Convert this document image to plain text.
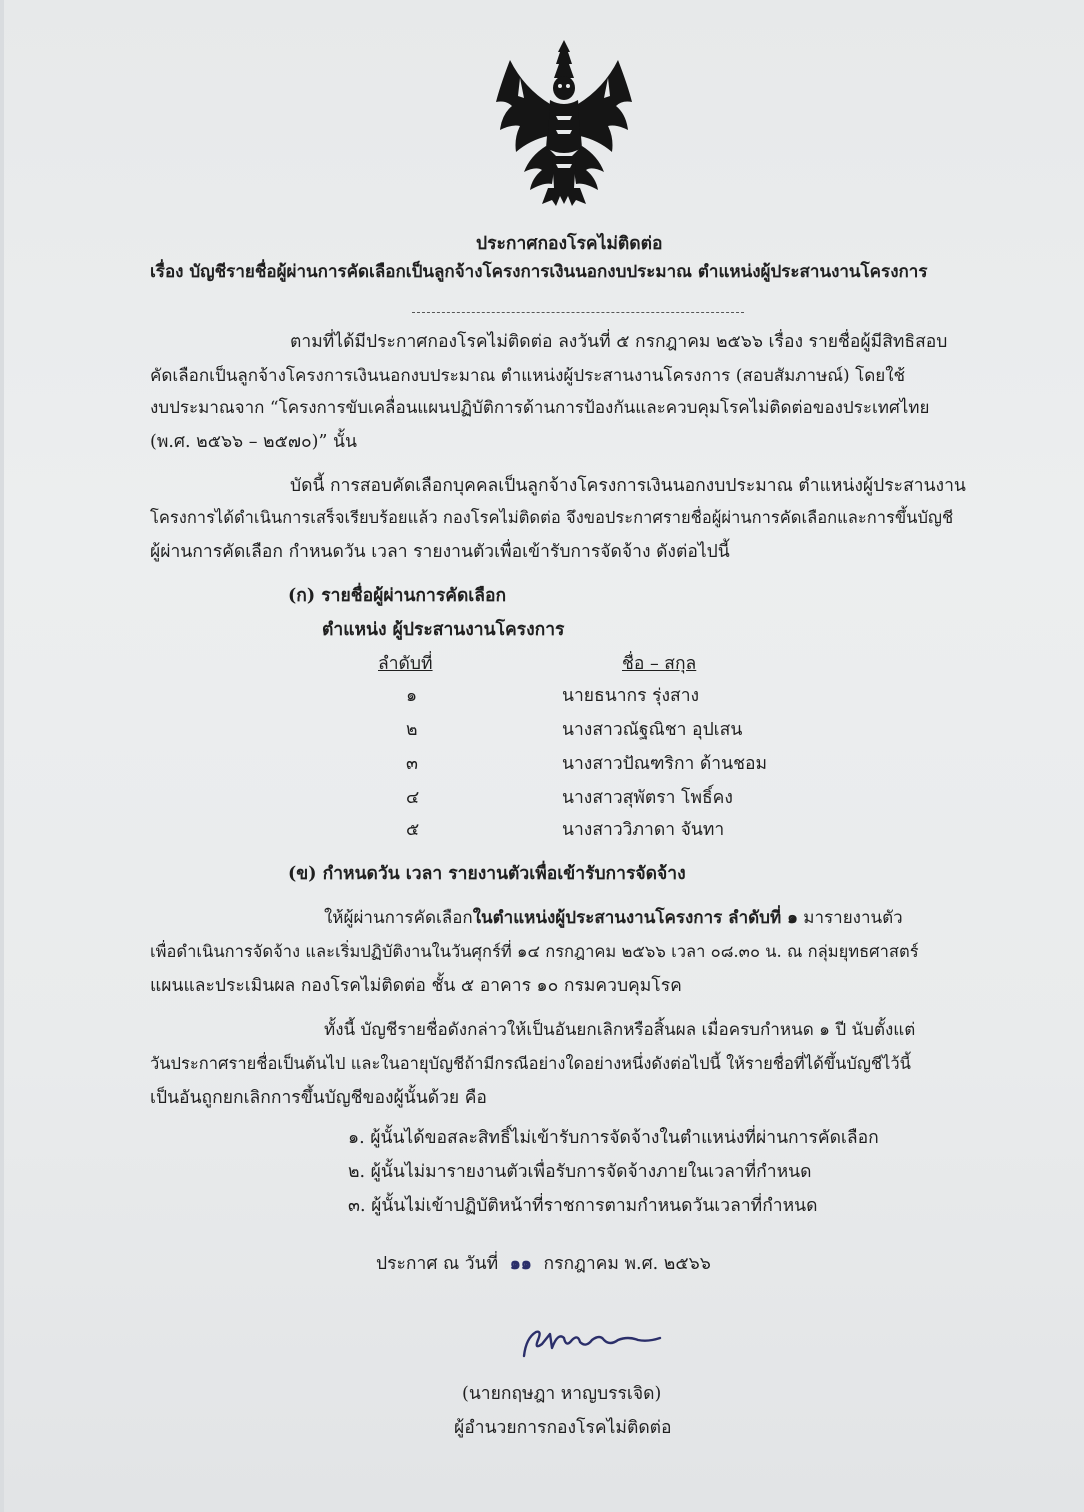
ประกาศกองโรคไม่ติดต่อ
เรื่อง บัญชีรายชื่อผู้ผ่านการคัดเลือกเป็นลูกจ้างโครงการเงินนอกงบประมาณ ตำแหน่งผู้ประสานงานโครงการ
ตามที่ได้มีประกาศกองโรคไม่ติดต่อ ลงวันที่ ๕ กรกฎาคม ๒๕๖๖ เรื่อง รายชื่อผู้มีสิทธิสอบ
คัดเลือกเป็นลูกจ้างโครงการเงินนอกงบประมาณ ตำแหน่งผู้ประสานงานโครงการ (สอบสัมภาษณ์) โดยใช้
งบประมาณจาก “โครงการขับเคลื่อนแผนปฏิบัติการด้านการป้องกันและควบคุมโรคไม่ติดต่อของประเทศไทย
(พ.ศ. ๒๕๖๖ – ๒๕๗๐)” นั้น
บัดนี้ การสอบคัดเลือกบุคคลเป็นลูกจ้างโครงการเงินนอกงบประมาณ ตำแหน่งผู้ประสานงาน
โครงการได้ดำเนินการเสร็จเรียบร้อยแล้ว กองโรคไม่ติดต่อ จึงขอประกาศรายชื่อผู้ผ่านการคัดเลือกและการขึ้นบัญชี
ผู้ผ่านการคัดเลือก กำหนดวัน เวลา รายงานตัวเพื่อเข้ารับการจัดจ้าง ดังต่อไปนี้
(ก) รายชื่อผู้ผ่านการคัดเลือก
ตำแหน่ง ผู้ประสานงานโครงการ
ลำดับที่	ชื่อ – สกุล
๑	นายธนากร รุ่งสาง
๒	นางสาวณัฐณิชา อุปเสน
๓	นางสาวปัณฑริกา ด้านชอม
๔	นางสาวสุพัตรา โพธิ์คง
๕	นางสาววิภาดา จันทา
(ข) กำหนดวัน เวลา รายงานตัวเพื่อเข้ารับการจัดจ้าง
ให้ผู้ผ่านการคัดเลือกในตำแหน่งผู้ประสานงานโครงการ ลำดับที่ ๑ มารายงานตัว
เพื่อดำเนินการจัดจ้าง และเริ่มปฏิบัติงานในวันศุกร์ที่ ๑๔ กรกฎาคม ๒๕๖๖ เวลา ๐๘.๓๐ น. ณ กลุ่มยุทธศาสตร์
แผนและประเมินผล กองโรคไม่ติดต่อ ชั้น ๕ อาคาร ๑๐ กรมควบคุมโรค
ทั้งนี้ บัญชีรายชื่อดังกล่าวให้เป็นอันยกเลิกหรือสิ้นผล เมื่อครบกำหนด ๑ ปี นับตั้งแต่
วันประกาศรายชื่อเป็นต้นไป และในอายุบัญชีถ้ามีกรณีอย่างใดอย่างหนึ่งดังต่อไปนี้ ให้รายชื่อที่ได้ขึ้นบัญชีไว้นี้
เป็นอันถูกยกเลิกการขึ้นบัญชีของผู้นั้นด้วย คือ
๑. ผู้นั้นได้ขอสละสิทธิ์ไม่เข้ารับการจัดจ้างในตำแหน่งที่ผ่านการคัดเลือก
๒. ผู้นั้นไม่มารายงานตัวเพื่อรับการจัดจ้างภายในเวลาที่กำหนด
๓. ผู้นั้นไม่เข้าปฏิบัติหน้าที่ราชการตามกำหนดวันเวลาที่กำหนด
ประกาศ ณ วันที่ ๑๑ กรกฎาคม พ.ศ. ๒๕๖๖
(นายกฤษฎา หาญบรรเจิด)
ผู้อำนวยการกองโรคไม่ติดต่อ
